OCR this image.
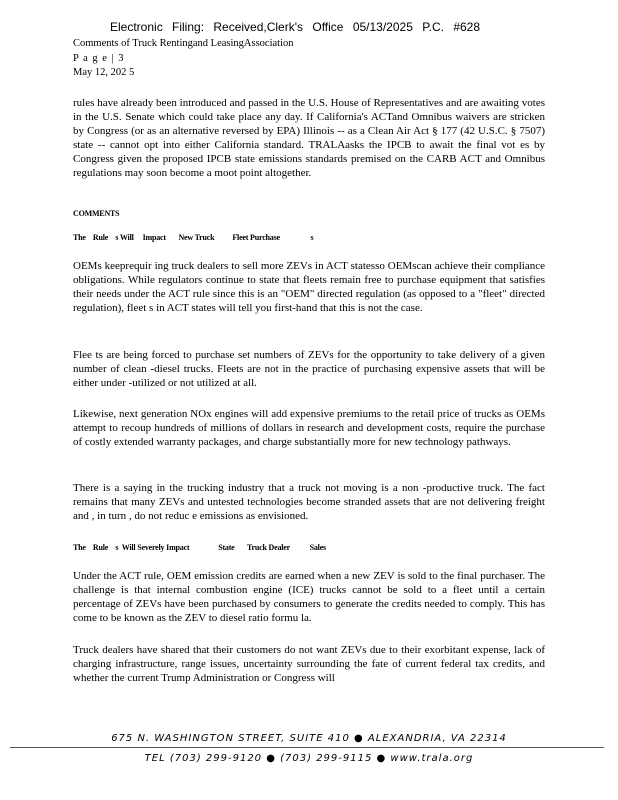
Electronic Filing: Received,Clerk's Office 05/13/2025 P.C. #628
Comments of Truck Rentingand LeasingAssociation
P a g e | 3
May 12, 202 5

rules have already been introduced and passed in the U.S. House of Representatives and are awaiting votes in the U.S. Senate which could take place any day. If California's ACTand Omnibus waivers are stricken by Congress (or as an alternative reversed by EPA) Illinois -- as a Clean Air Act § 177 (42 U.S.C. § 7507) state -- cannot opt into either California standard. TRALAasks the IPCB to await the final vot es by Congress given the proposed IPCB state emissions standards premised on the CARB ACT and Omnibus regulations may soon become a moot point altogether.

COMMENTS
The    Rule    s Will     Impact       New Truck          Fleet Purchase                 s

OEMs keeprequir ing truck dealers to sell more ZEVs in ACT statesso OEMscan achieve their compliance obligations. While regulators continue to state that fleets remain free to purchase equipment that satisfies their needs under the ACT rule since this is an "OEM" directed regulation (as opposed to a "fleet" directed regulation), fleet s in ACT states will tell you first-hand that this is not the case.

Flee ts are being forced to purchase set numbers of ZEVs for the opportunity to take delivery of a given number of clean -diesel trucks. Fleets are not in the practice of purchasing expensive assets that will be either under -utilized or not utilized at all.

Likewise, next generation NOx engines will add expensive premiums to the retail price of trucks as OEMs attempt to recoup hundreds of millions of dollars in research and development costs, require the purchase of costly extended warranty packages, and charge substantially more for new technology pathways.

There is a saying in the trucking industry that a truck not moving is a non -productive truck. The fact remains that many ZEVs and untested technologies become stranded assets that are not delivering freight and , in turn , do not reduc e emissions as envisioned.

The    Rule    s  Will Severely Impact                State       Truck Dealer           Sales

Under the ACT rule, OEM emission credits are earned when a new ZEV is sold to the final purchaser. The challenge is that internal combustion engine (ICE) trucks cannot be sold to a fleet until a certain percentage of ZEVs have been purchased by consumers to generate the credits needed to comply. This has come to be known as the ZEV to diesel ratio formu la.

Truck dealers have shared that their customers do not want ZEVs due to their exorbitant expense, lack of charging infrastructure, range issues, uncertainty surrounding the fate of current federal tax credits, and whether the current Trump Administration or Congress will

675 N. WASHINGTON STREET, SUITE 410 ● ALEXANDRIA, VA 22314
TEL (703) 299-9120 ● (703) 299-9115 ● www.trala.org
